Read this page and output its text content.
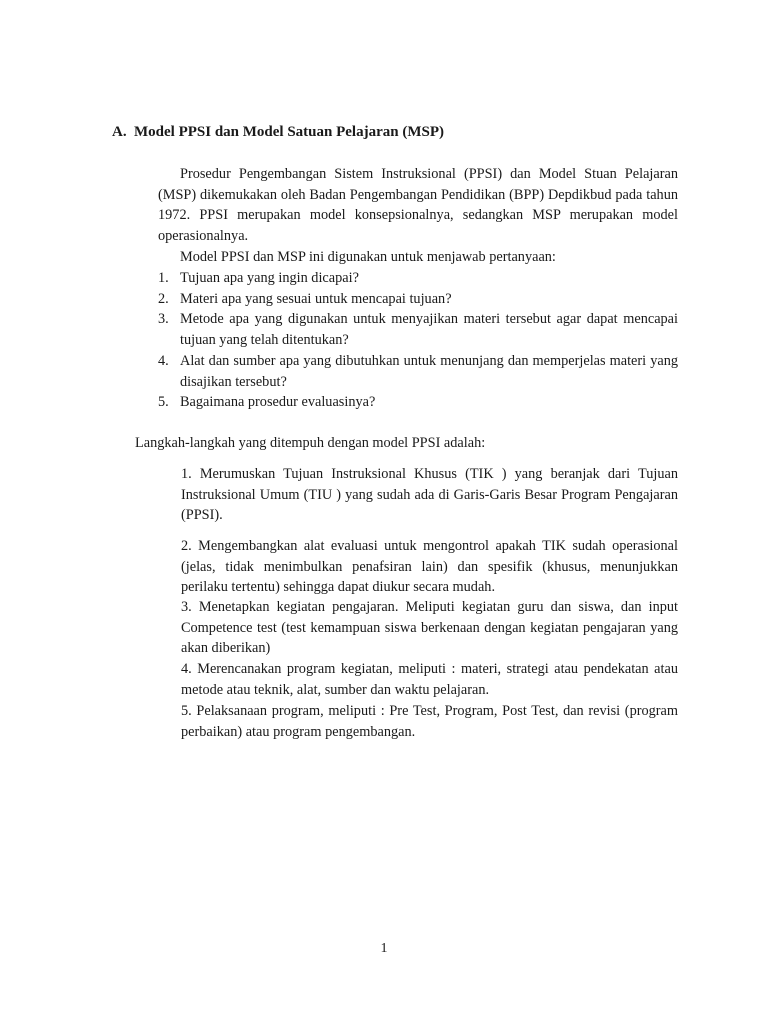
A. Model PPSI dan Model Satuan Pelajaran (MSP)

Prosedur Pengembangan Sistem Instruksional (PPSI) dan Model Stuan Pelajaran (MSP) dikemukakan oleh Badan Pengembangan Pendidikan (BPP) Depdikbud pada tahun 1972. PPSI merupakan model konsepsionalnya, sedangkan MSP merupakan model operasionalnya.

Model PPSI dan MSP ini digunakan untuk menjawab pertanyaan:

1. Tujuan apa yang ingin dicapai?
2. Materi apa yang sesuai untuk mencapai tujuan?
3. Metode apa yang digunakan untuk menyajikan materi tersebut agar dapat mencapai tujuan yang telah ditentukan?
4. Alat dan sumber apa yang dibutuhkan untuk menunjang dan memperjelas materi yang disajikan tersebut?
5. Bagaimana prosedur evaluasinya?
Langkah-langkah yang ditempuh dengan model PPSI adalah:

1. Merumuskan Tujuan Instruksional Khusus (TIK ) yang beranjak dari Tujuan Instruksional Umum (TIU ) yang sudah ada di Garis-Garis Besar Program Pengajaran (PPSI).

2. Mengembangkan alat evaluasi untuk mengontrol apakah TIK sudah operasional (jelas, tidak menimbulkan penafsiran lain) dan spesifik (khusus, menunjukkan perilaku tertentu) sehingga dapat diukur secara mudah.

3. Menetapkan kegiatan pengajaran. Meliputi kegiatan guru dan siswa, dan input Competence test (test kemampuan siswa berkenaan dengan kegiatan pengajaran yang akan diberikan)

4. Merencanakan program kegiatan, meliputi : materi, strategi atau pendekatan atau metode atau teknik, alat, sumber dan waktu pelajaran.

5. Pelaksanaan program, meliputi : Pre Test, Program, Post Test, dan revisi (program perbaikan) atau program pengembangan.

1
